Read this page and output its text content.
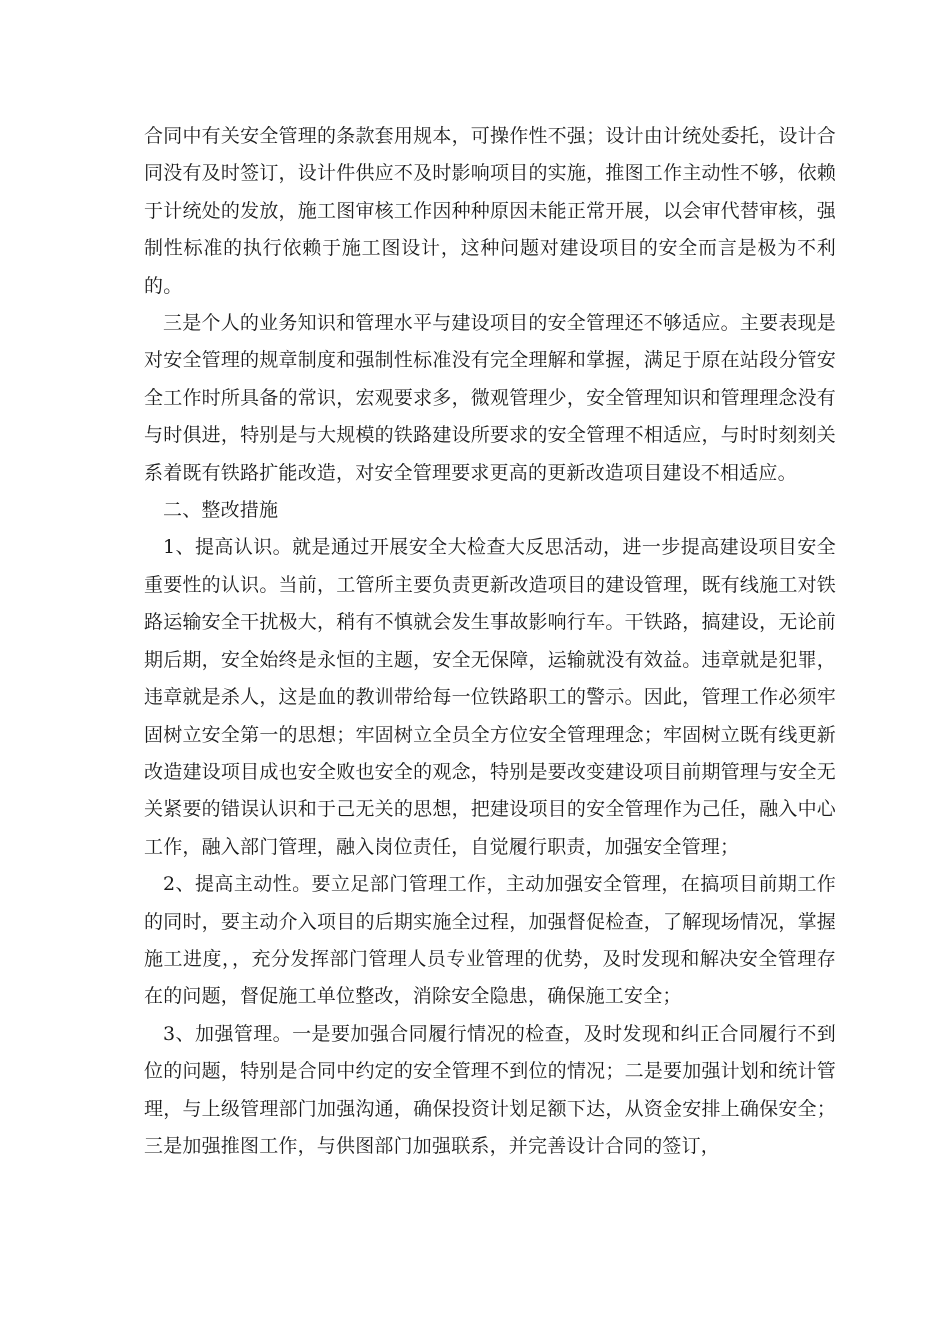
合同中有关安全管理的条款套用规本，可操作性不强；设计由计统处委托，设计合同没有及时签订，设计件供应不及时影响项目的实施，推图工作主动性不够，依赖于计统处的发放，施工图审核工作因种种原因未能正常开展，以会审代替审核，强制性标准的执行依赖于施工图设计，这种问题对建设项目的安全而言是极为不利的。

三是个人的业务知识和管理水平与建设项目的安全管理还不够适应。主要表现是对安全管理的规章制度和强制性标准没有完全理解和掌握，满足于原在站段分管安全工作时所具备的常识，宏观要求多，微观管理少，安全管理知识和管理理念没有与时俱进，特别是与大规模的铁路建设所要求的安全管理不相适应，与时时刻刻关系着既有铁路扩能改造，对安全管理要求更高的更新改造项目建设不相适应。

二、整改措施

1、提高认识。就是通过开展安全大检查大反思活动，进一步提高建设项目安全重要性的认识。当前，工管所主要负责更新改造项目的建设管理，既有线施工对铁路运输安全干扰极大，稍有不慎就会发生事故影响行车。干铁路，搞建设，无论前期后期，安全始终是永恒的主题，安全无保障，运输就没有效益。违章就是犯罪，违章就是杀人，这是血的教训带给每一位铁路职工的警示。因此，管理工作必须牢固树立安全第一的思想；牢固树立全员全方位安全管理理念；牢固树立既有线更新改造建设项目成也安全败也安全的观念，特别是要改变建设项目前期管理与安全无关紧要的错误认识和于己无关的思想，把建设项目的安全管理作为己任，融入中心工作，融入部门管理，融入岗位责任，自觉履行职责，加强安全管理；

2、提高主动性。要立足部门管理工作，主动加强安全管理，在搞项目前期工作的同时，要主动介入项目的后期实施全过程，加强督促检查，了解现场情况，掌握施工进度，，充分发挥部门管理人员专业管理的优势，及时发现和解决安全管理存在的问题，督促施工单位整改，消除安全隐患，确保施工安全；

3、加强管理。一是要加强合同履行情况的检查，及时发现和纠正合同履行不到位的问题，特别是合同中约定的安全管理不到位的情况；二是要加强计划和统计管理，与上级管理部门加强沟通，确保投资计划足额下达，从资金安排上确保安全；三是加强推图工作，与供图部门加强联系，并完善设计合同的签订，
